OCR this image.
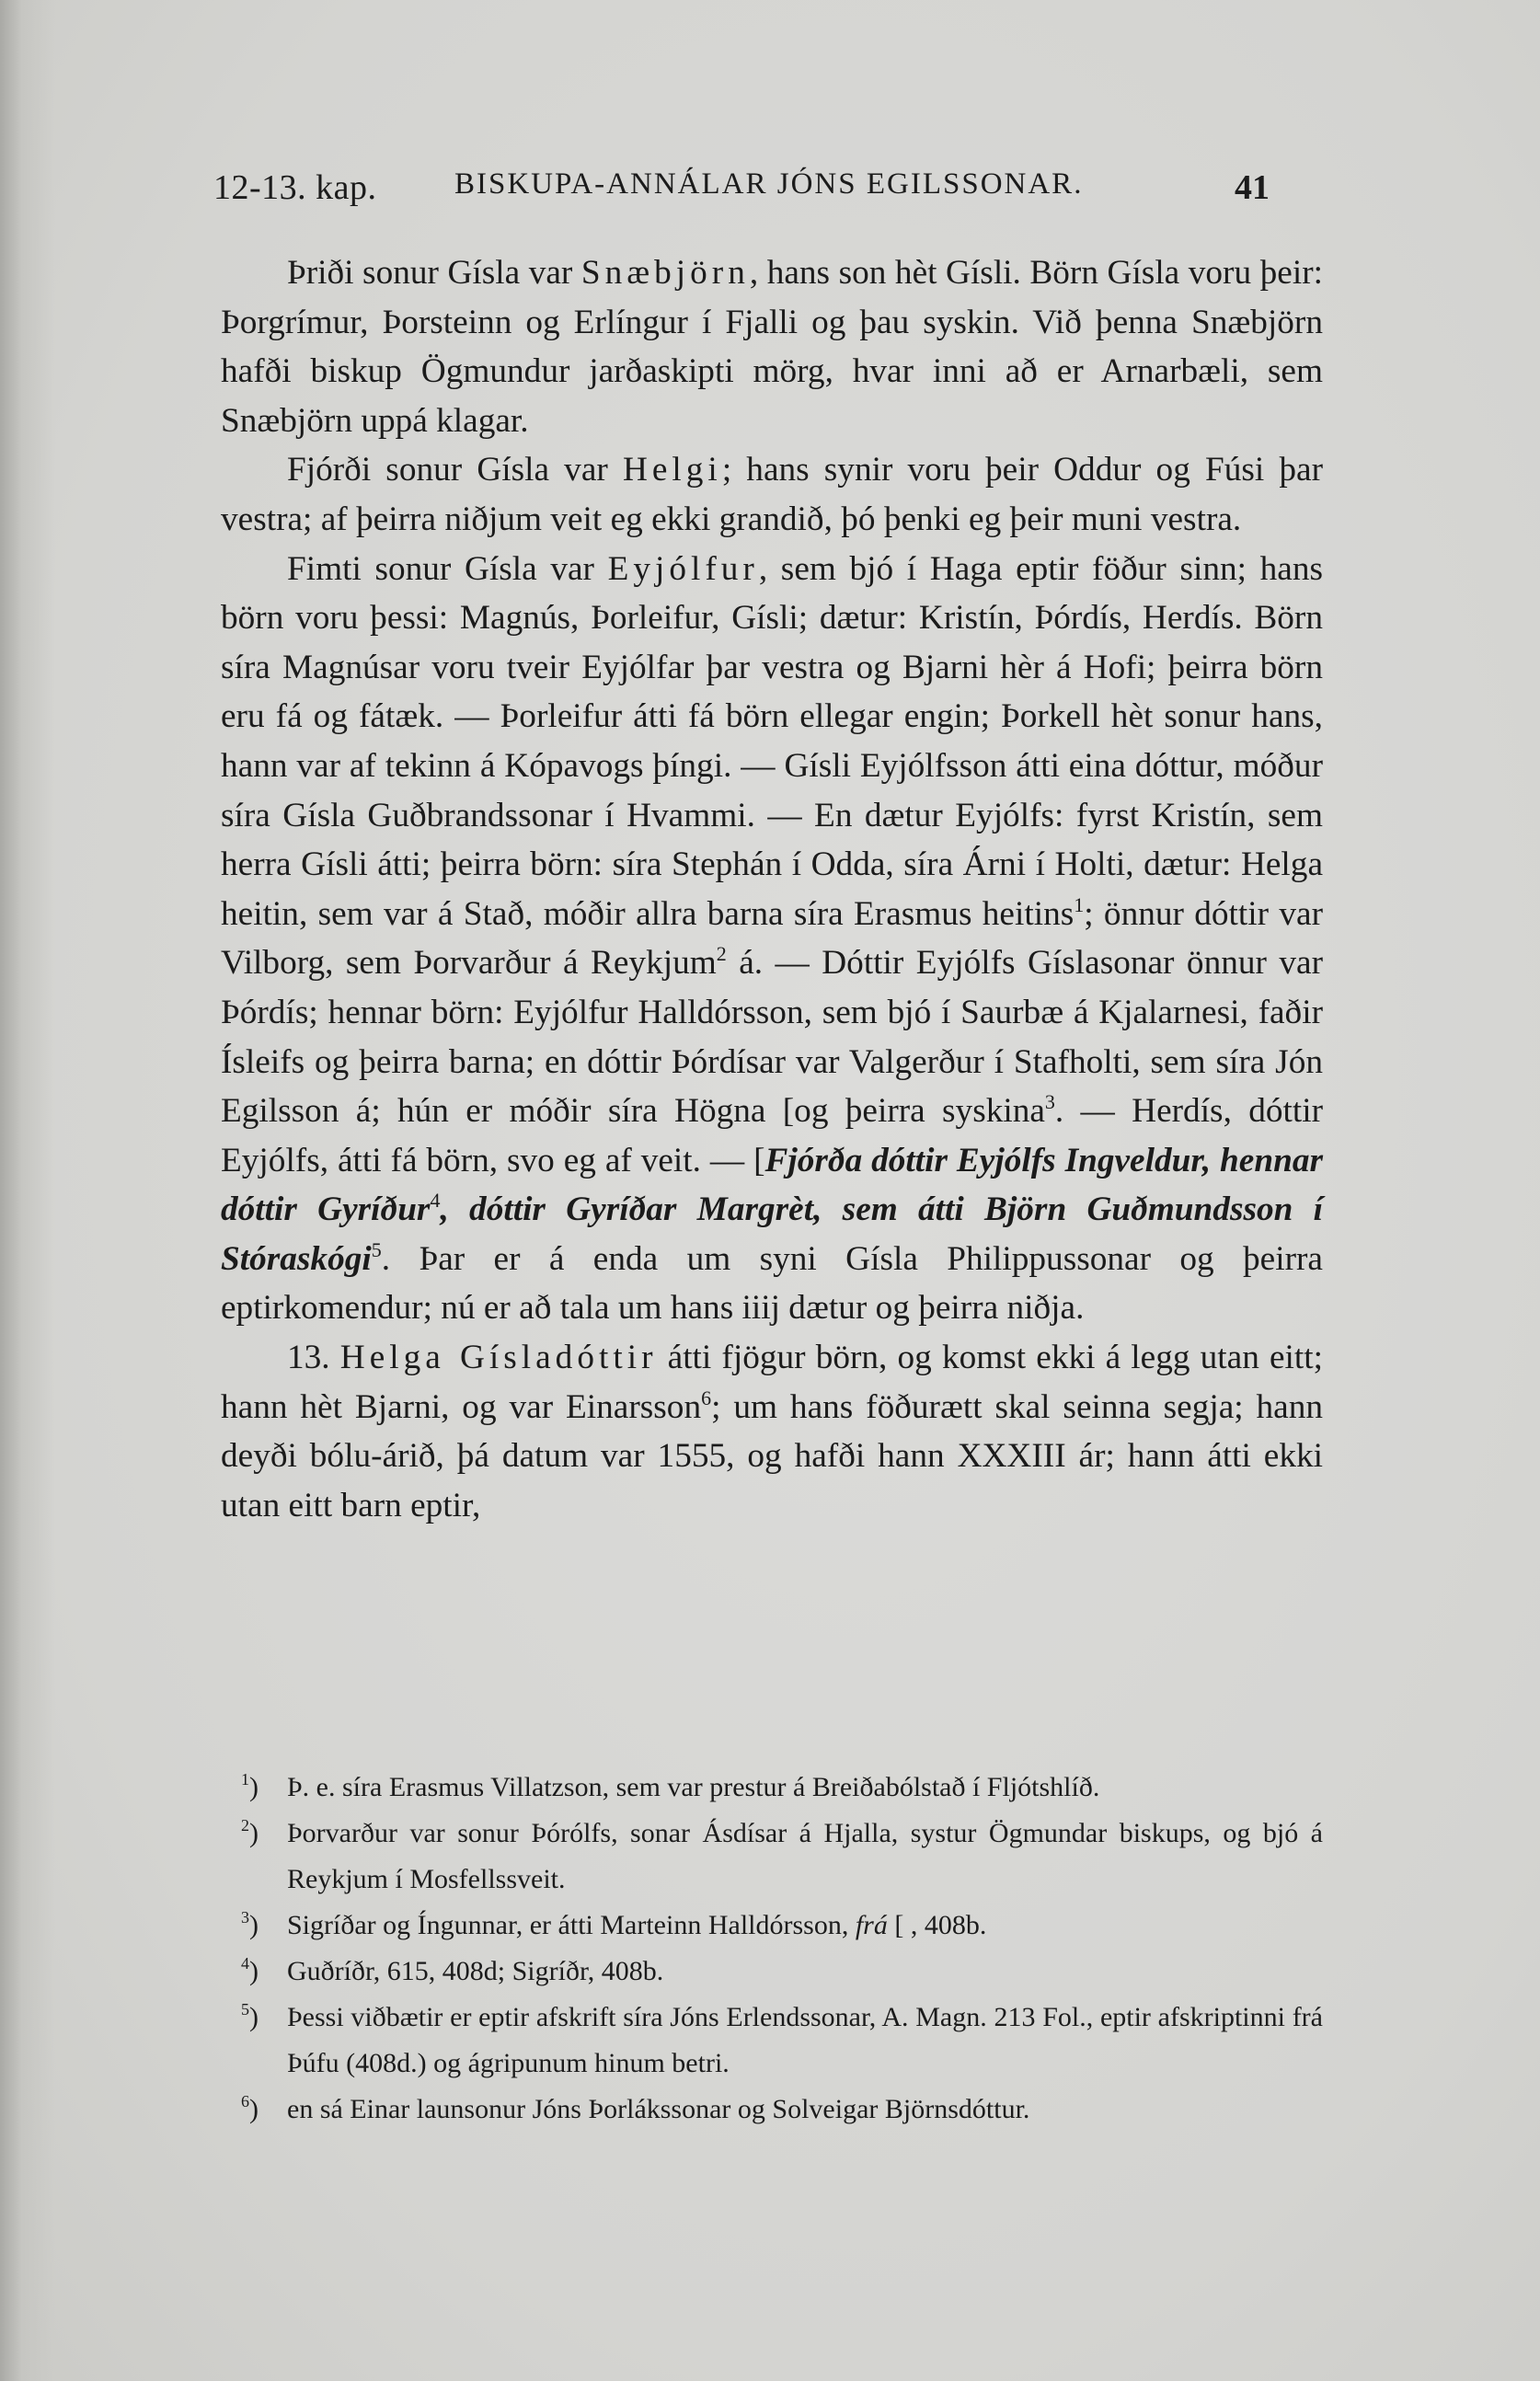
12-13. kap.	BISKUPA-ANNÁLAR JÓNS EGILSSONAR.	41

Þriði sonur Gísla var Snæbjörn, hans son hèt Gísli. Börn Gísla voru þeir: Þorgrímur, Þorsteinn og Erlíngur í Fjalli og þau syskin. Við þenna Snæbjörn hafði biskup Ögmundur jarðaskipti mörg, hvar inni að er Arnarbæli, sem Snæbjörn uppá klagar.

Fjórði sonur Gísla var Helgi; hans synir voru þeir Oddur og Fúsi þar vestra; af þeirra niðjum veit eg ekki grandið, þó þenki eg þeir muni vestra.

Fimti sonur Gísla var Eyjólfur, sem bjó í Haga eptir föður sinn; hans börn voru þessi: Magnús, Þorleifur, Gísli; dætur: Kristín, Þórdís, Herdís. Börn síra Magnúsar voru tveir Eyjólfar þar vestra og Bjarni hèr á Hofi; þeirra börn eru fá og fátæk. — Þorleifur átti fá börn ellegar engin; Þorkell hèt sonur hans, hann var af tekinn á Kópavogs þíngi. — Gísli Eyjólfsson átti eina dóttur, móður síra Gísla Guðbrandssonar í Hvammi. — En dætur Eyjólfs: fyrst Kristín, sem herra Gísli átti; þeirra börn: síra Stephán í Odda, síra Árni í Holti, dætur: Helga heitin, sem var á Stað, móðir allra barna síra Erasmus heitins$^1$; önnur dóttir var Vilborg, sem Þorvarður á Reykjum$^2$ á. — Dóttir Eyjólfs Gíslasonar önnur var Þórdís; hennar börn: Eyjólfur Halldórsson, sem bjó í Saurbæ á Kjalarnesi, faðir Ísleifs og þeirra barna; en dóttir Þórdísar var Valgerður í Stafholti, sem síra Jón Egilsson á; hún er móðir síra Högna [og þeirra syskina$^3$. — Herdís, dóttir Eyjólfs, átti fá börn, svo eg af veit. — [Fjórða dóttir Eyjólfs Ingveldur, hennar dóttir Gyríður$^4$, dóttir Gyríðar Margrèt, sem átti Björn Guðmundsson í Stóraskógi$^5$. Þar er á enda um syni Gísla Philippussonar og þeirra eptirkomendur; nú er að tala um hans iiij dætur og þeirra niðja.

13. Helga Gísladóttir átti fjögur börn, og komst ekki á legg utan eitt; hann hèt Bjarni, og var Einarsson$^6$; um hans föðurætt skal seinna segja; hann deyði bólu-árið, þá datum var 1555, og hafði hann XXXIII ár; hann átti ekki utan eitt barn eptir,

$^1$) Þ. e. síra Erasmus Villatzson, sem var prestur á Breiðabólstað í Fljótshlíð.
$^2$) Þorvarður var sonur Þórólfs, sonar Ásdísar á Hjalla, systur Ögmundar biskups, og bjó á Reykjum í Mosfellssveit.
$^3$) Sigríðar og Íngunnar, er átti Marteinn Halldórsson, frá [ , 408b.
$^4$) Guðríðr, 615, 408d; Sigríðr, 408b.
$^5$) Þessi viðbætir er eptir afskrift síra Jóns Erlendssonar, A. Magn. 213 Fol., eptir afskriptinni frá Þúfu (408d.) og ágripunum hinum betri.
$^6$) en sá Einar launsonur Jóns Þorlákssonar og Solveigar Björnsdóttur.
